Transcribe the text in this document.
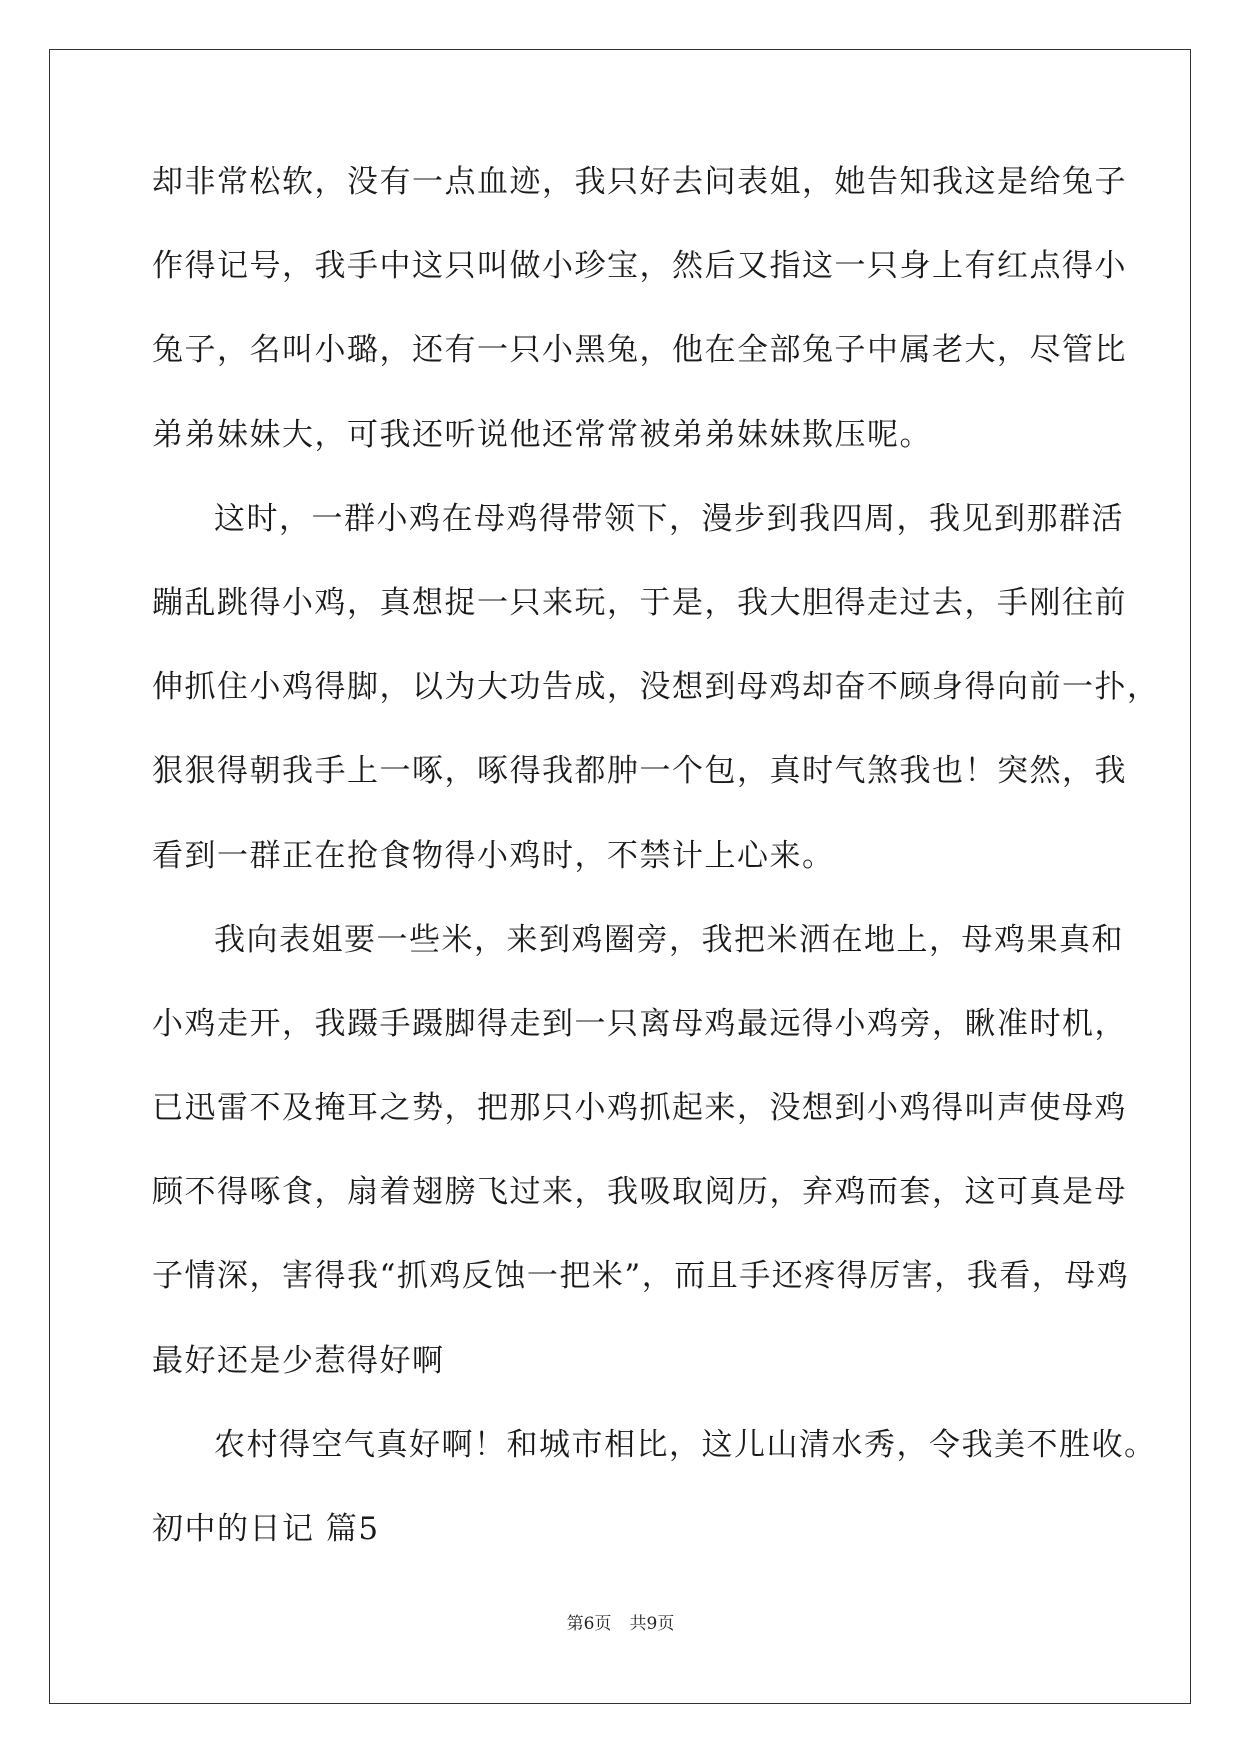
却非常松软，没有一点血迹，我只好去问表姐，她告知我这是给兔子
作得记号，我手中这只叫做小珍宝，然后又指这一只身上有红点得小
兔子，名叫小璐，还有一只小黑兔，他在全部兔子中属老大，尽管比
弟弟妹妹大，可我还听说他还常常被弟弟妹妹欺压呢。
这时，一群小鸡在母鸡得带领下，漫步到我四周，我见到那群活
蹦乱跳得小鸡，真想捉一只来玩，于是，我大胆得走过去，手刚往前
伸抓住小鸡得脚，以为大功告成，没想到母鸡却奋不顾身得向前一扑，
狠狠得朝我手上一啄，啄得我都肿一个包，真时气煞我也！突然，我
看到一群正在抢食物得小鸡时，不禁计上心来。
我向表姐要一些米，来到鸡圈旁，我把米洒在地上，母鸡果真和
小鸡走开，我蹑手蹑脚得走到一只离母鸡最远得小鸡旁，瞅准时机，
已迅雷不及掩耳之势，把那只小鸡抓起来，没想到小鸡得叫声使母鸡
顾不得啄食，扇着翅膀飞过来，我吸取阅历，弃鸡而套，这可真是母
子情深，害得我“抓鸡反蚀一把米”，而且手还疼得厉害，我看，母鸡
最好还是少惹得好啊
农村得空气真好啊！和城市相比，这儿山清水秀，令我美不胜收。
初中的日记 篇5
第6页 共9页
